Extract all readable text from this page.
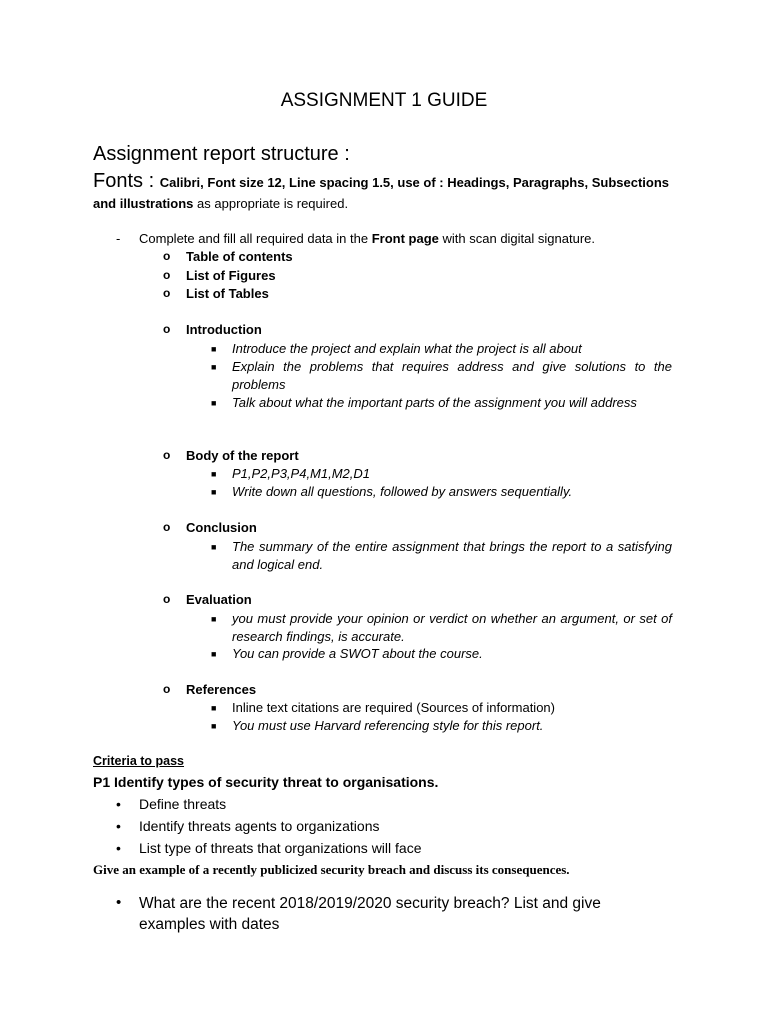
ASSIGNMENT 1 GUIDE
Assignment report structure :
Fonts : Calibri, Font size 12, Line spacing 1.5, use of : Headings, Paragraphs, Subsections
and illustrations as appropriate is required.
- Complete and fill all required data in the Front page with scan digital signature.
o Table of contents
o List of Figures
o List of Tables
o Introduction
■ Introduce the project and explain what the project is all about
■ Explain the problems that requires address and give solutions to the problems
■ Talk about what the important parts of the assignment you will address
o Body of the report
■ P1,P2,P3,P4,M1,M2,D1
■ Write down all questions, followed by answers sequentially.
o Conclusion
■ The summary of the entire assignment that brings the report to a satisfying and logical end.
o Evaluation
■ you must provide your opinion or verdict on whether an argument, or set of research findings, is accurate.
■ You can provide a SWOT about the course.
o References
■ Inline text citations are required (Sources of information)
■ You must use Harvard referencing style for this report.
Criteria to pass
P1 Identify types of security threat to organisations.
• Define threats
• Identify threats agents to organizations
• List type of threats that organizations will face
Give an example of a recently publicized security breach and discuss its consequences.
• What are the recent 2018/2019/2020 security breach? List and give examples with dates
